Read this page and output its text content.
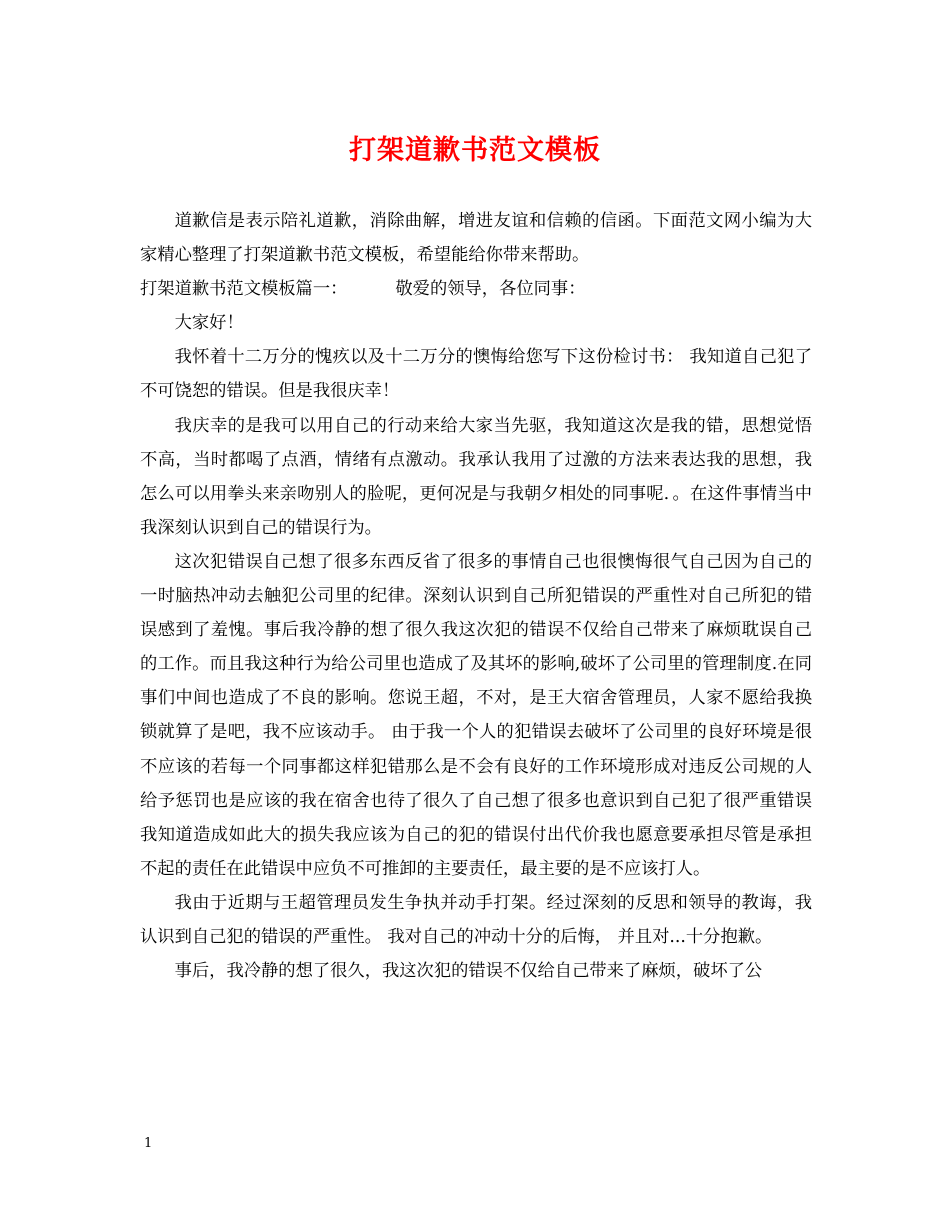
打架道歉书范文模板

道歉信是表示陪礼道歉，消除曲解，增进友谊和信赖的信函。下面范文网小编为大家精心整理了打架道歉书范文模板，希望能给你带来帮助。

打架道歉书范文模板篇一：	敬爱的领导，各位同事：

大家好！

我怀着十二万分的愧疚以及十二万分的懊悔给您写下这份检讨书： 我知道自己犯了不可饶恕的错误。但是我很庆幸！

我庆幸的是我可以用自己的行动来给大家当先驱，我知道这次是我的错，思想觉悟不高，当时都喝了点酒，情绪有点激动。我承认我用了过激的方法来表达我的思想，我怎么可以用拳头来亲吻别人的脸呢，更何况是与我朝夕相处的同事呢．。在这件事情当中我深刻认识到自己的错误行为。

这次犯错误自己想了很多东西反省了很多的事情自己也很懊悔很气自己因为自己的一时脑热冲动去触犯公司里的纪律。深刻认识到自己所犯错误的严重性对自己所犯的错误感到了羞愧。事后我冷静的想了很久我这次犯的错误不仅给自己带来了麻烦耽误自己的工作。而且我这种行为给公司里也造成了及其坏的影响,破坏了公司里的管理制度.在同事们中间也造成了不良的影响。您说王超，不对，是王大宿舍管理员，人家不愿给我换锁就算了是吧，我不应该动手。 由于我一个人的犯错误去破坏了公司里的良好环境是很不应该的若每一个同事都这样犯错那么是不会有良好的工作环境形成对违反公司规的人给予惩罚也是应该的我在宿舍也待了很久了自己想了很多也意识到自己犯了很严重错误我知道造成如此大的损失我应该为自己的犯的错误付出代价我也愿意要承担尽管是承担不起的责任在此错误中应负不可推卸的主要责任，最主要的是不应该打人。

我由于近期与王超管理员发生争执并动手打架。经过深刻的反思和领导的教诲，我认识到自己犯的错误的严重性。 我对自己的冲动十分的后悔， 并且对...十分抱歉。

事后，我冷静的想了很久，我这次犯的错误不仅给自己带来了麻烦，破坏了公

1
